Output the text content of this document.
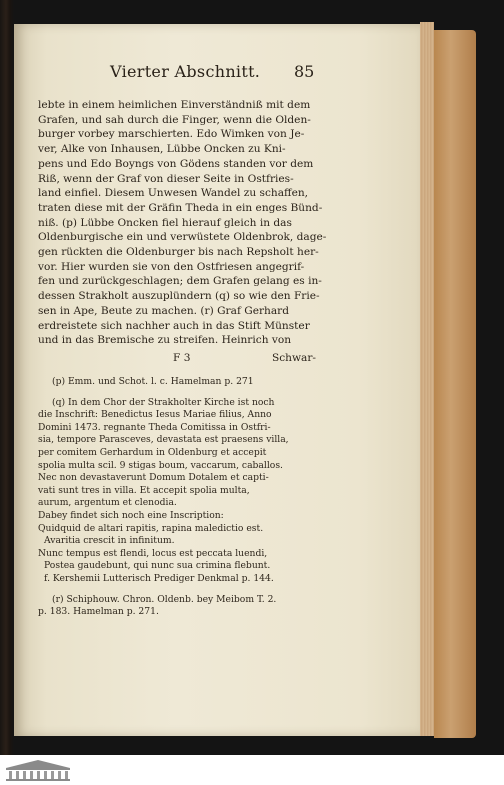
Vierter Abschnitt.	85
lebte in einem heimlichen Einverständniß mit dem
Grafen, und sah durch die Finger, wenn die Olden-
burger vorbey marschierten. Edo Wimken von Je-
ver, Alke von Inhausen, Lübbe Oncken zu Kni-
pens und Edo Boyngs von Gödens standen vor dem
Riß, wenn der Graf von dieser Seite in Ostfries-
land einfiel. Diesem Unwesen Wandel zu schaffen,
traten diese mit der Gräfin Theda in ein enges Bünd-
niß. (p) Lübbe Oncken fiel hierauf gleich in das
Oldenburgische ein und verwüstete Oldenbrok, dage-
gen rückten die Oldenburger bis nach Repsholt her-
vor. Hier wurden sie von den Ostfriesen angegrif-
fen und zurückgeschlagen; dem Grafen gelang es in-
dessen Strakholt auszuplündern (q) so wie den Frie-
sen in Ape, Beute zu machen. (r) Graf Gerhard
erdreistete sich nachher auch in das Stift Münster
und in das Bremische zu streifen. Heinrich von
F 3	Schwar-
(p) Emm. und Schot. l. c. Hamelman p. 271
(q) In dem Chor der Strakholter Kirche ist noch
die Inschrift: Benedictus Iesus Mariae filius, Anno
Domini 1473. regnante Theda Comitissa in Ostfri-
sia, tempore Parasceves, devastata est praesens villa,
per comitem Gerhardum in Oldenburg et accepit
spolia multa scil. 9 stigas boum, vaccarum, caballos.
Nec non devastaverunt Domum Dotalem et capti-
vati sunt tres in villa. Et accepit spolia multa,
aurum, argentum et clenodia.
Dabey findet sich noch eine Inscription:
Quidquid de altari rapitis, rapina maledictio est.
Avaritia crescit in infinitum.
Nunc tempus est flendi, locus est peccata luendi,
Postea gaudebunt, qui nunc sua crimina flebunt.
f. Kershemii Lutterisch Prediger Denkmal p. 144.
(r) Schiphouw. Chron. Oldenb. bey Meibom T. 2.
p. 183. Hamelman p. 271.
